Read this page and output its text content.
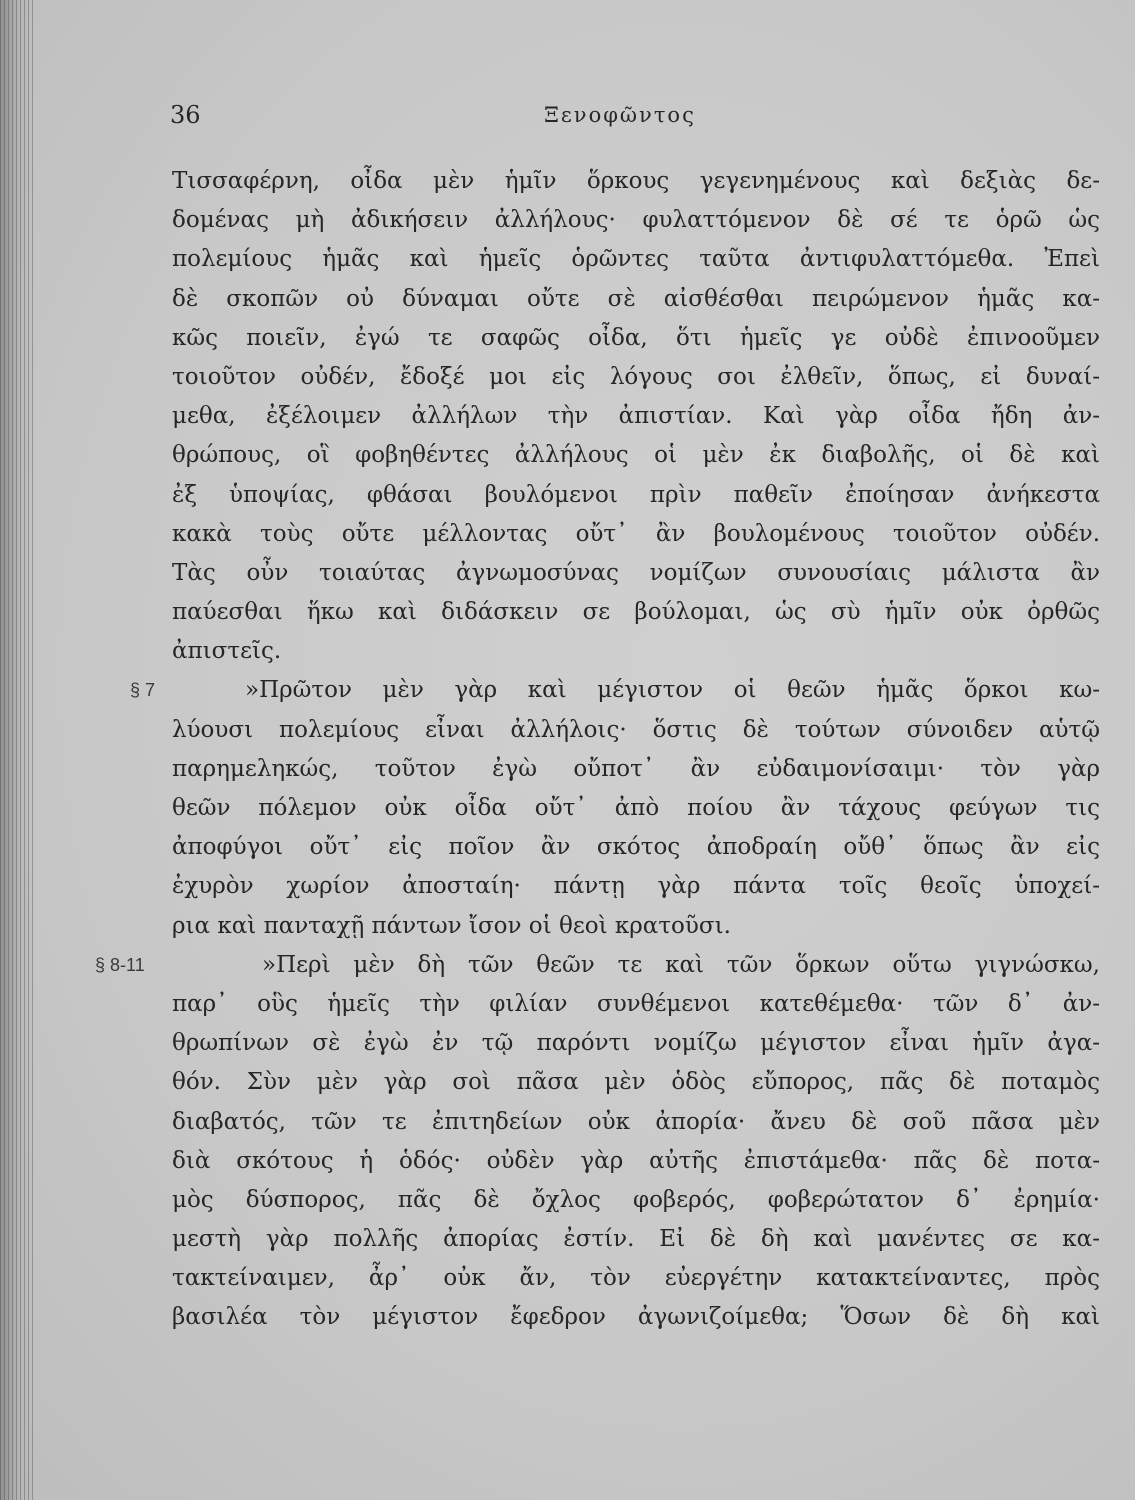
36	Ξενοφῶντος
Τισσαφέρνη, οἶδα μὲν ἡμῖν ὅρκους γεγενημένους καὶ δεξιὰς δε-
δομένας μὴ ἀδικήσειν ἀλλήλους· φυλαττόμενον δὲ σέ τε ὁρῶ ὡς
πολεμίους ἡμᾶς καὶ ἡμεῖς ὁρῶντες ταῦτα ἀντιφυλαττόμεθα. Ἐπεὶ
δὲ σκοπῶν οὐ δύναμαι οὔτε σὲ αἰσθέσθαι πειρώμενον ἡμᾶς κα-
κῶς ποιεῖν, ἐγώ τε σαφῶς οἶδα, ὅτι ἡμεῖς γε οὐδὲ ἐπινοοῦμεν
τοιοῦτον οὐδέν, ἔδοξέ μοι εἰς λόγους σοι ἐλθεῖν, ὅπως, εἰ δυναί-
μεθα, ἐξέλοιμεν ἀλλήλων τὴν ἀπιστίαν. Καὶ γὰρ οἶδα ἤδη ἀν-
θρώπους, οἳ φοβηθέντες ἀλλήλους οἱ μὲν ἐκ διαβολῆς, οἱ δὲ καὶ
ἐξ ὑποψίας, φθάσαι βουλόμενοι πρὶν παθεῖν ἐποίησαν ἀνήκεστα
κακὰ τοὺς οὔτε μέλλοντας οὔτ᾽ ἂν βουλομένους τοιοῦτον οὐδέν.
Τὰς οὖν τοιαύτας ἀγνωμοσύνας νομίζων συνουσίαις μάλιστα ἂν
παύεσθαι ἥκω καὶ διδάσκειν σε βούλομαι, ὡς σὺ ἡμῖν οὐκ ὀρθῶς
ἀπιστεῖς.
§ 7	»Πρῶτον μὲν γὰρ καὶ μέγιστον οἱ θεῶν ἡμᾶς ὅρκοι κω-
λύουσι πολεμίους εἶναι ἀλλήλοις· ὅστις δὲ τούτων σύνοιδεν αὑτῷ
παρημεληκώς, τοῦτον ἐγὼ οὔποτ᾽ ἂν εὐδαιμονίσαιμι· τὸν γὰρ
θεῶν πόλεμον οὐκ οἶδα οὔτ᾽ ἀπὸ ποίου ἂν τάχους φεύγων τις
ἀποφύγοι οὔτ᾽ εἰς ποῖον ἂν σκότος ἀποδραίη οὔθ᾽ ὅπως ἂν εἰς
ἐχυρὸν χωρίον ἀποσταίη· πάντῃ γὰρ πάντα τοῖς θεοῖς ὑποχεί-
ρια καὶ πανταχῇ πάντων ἴσον οἱ θεοὶ κρατοῦσι.
§ 8-11	»Περὶ μὲν δὴ τῶν θεῶν τε καὶ τῶν ὅρκων οὕτω γιγνώσκω,
παρ᾽ οὓς ἡμεῖς τὴν φιλίαν συνθέμενοι κατεθέμεθα· τῶν δ᾽ ἀν-
θρωπίνων σὲ ἐγὼ ἐν τῷ παρόντι νομίζω μέγιστον εἶναι ἡμῖν ἀγα-
θόν. Σὺν μὲν γὰρ σοὶ πᾶσα μὲν ὁδὸς εὔπορος, πᾶς δὲ ποταμὸς
διαβατός, τῶν τε ἐπιτηδείων οὐκ ἀπορία· ἄνευ δὲ σοῦ πᾶσα μὲν
διὰ σκότους ἡ ὁδός· οὐδὲν γὰρ αὐτῆς ἐπιστάμεθα· πᾶς δὲ ποτα-
μὸς δύσπορος, πᾶς δὲ ὄχλος φοβερός, φοβερώτατον δ᾽ ἐρημία·
μεστὴ γὰρ πολλῆς ἀπορίας ἐστίν. Εἰ δὲ δὴ καὶ μανέντες σε κα-
τακτείναιμεν, ἆρ᾽ οὐκ ἄν, τὸν εὐεργέτην κατακτείναντες, πρὸς
βασιλέα τὸν μέγιστον ἔφεδρον ἀγωνιζοίμεθα; Ὅσων δὲ δὴ καὶ
